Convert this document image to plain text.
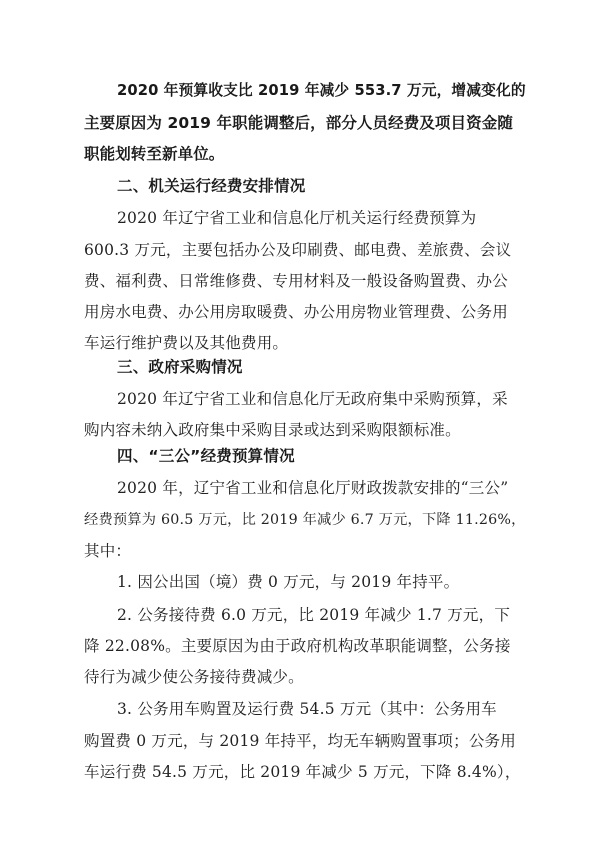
2020 年预算收支比 2019 年减少 553.7 万元，增减变化的

主要原因为 2019 年职能调整后，部分人员经费及项目资金随

职能划转至新单位。

二、机关运行经费安排情况

2020 年辽宁省工业和信息化厅机关运行经费预算为

600.3 万元，主要包括办公及印刷费、邮电费、差旅费、会议

费、福利费、日常维修费、专用材料及一般设备购置费、办公

用房水电费、办公用房取暖费、办公用房物业管理费、公务用

车运行维护费以及其他费用。

三、政府采购情况

2020 年辽宁省工业和信息化厅无政府集中采购预算，采

购内容未纳入政府集中采购目录或达到采购限额标准。

四、“三公”经费预算情况

2020 年，辽宁省工业和信息化厅财政拨款安排的“三公”

经费预算为 60.5 万元，比 2019 年减少 6.7 万元，下降 11.26%，

其中：

1. 因公出国（境）费 0 万元，与 2019 年持平。

2. 公务接待费 6.0 万元，比 2019 年减少 1.7 万元，下

降 22.08%。主要原因为由于政府机构改革职能调整，公务接

待行为减少使公务接待费减少。

3. 公务用车购置及运行费 54.5 万元（其中：公务用车

购置费 0 万元，与 2019 年持平，均无车辆购置事项；公务用

车运行费 54.5 万元，比 2019 年减少 5 万元，下降 8.4%），
